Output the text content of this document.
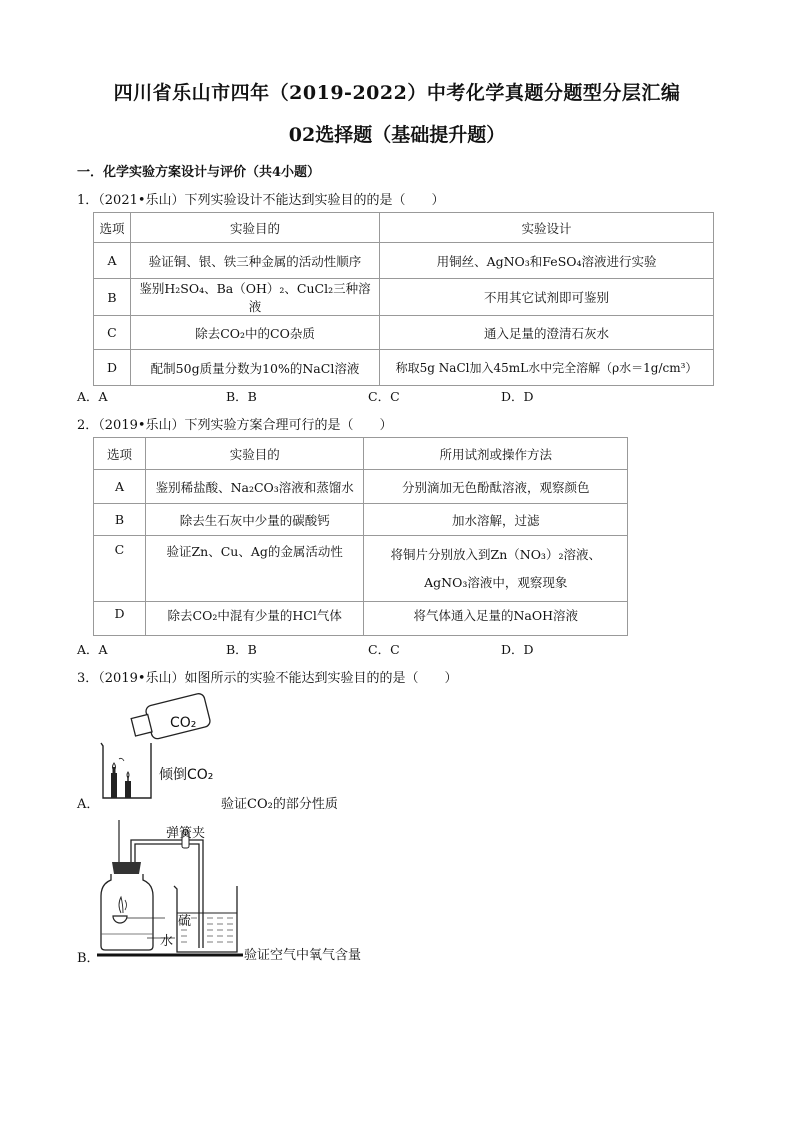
四川省乐山市四年（2019-2022）中考化学真题分题型分层汇编
02选择题（基础提升题）
一．化学实验方案设计与评价（共4小题）
1．（2021•乐山）下列实验设计不能达到实验目的的是（　　）
选项	实验目的	实验设计
A	验证铜、银、铁三种金属的活动性顺序	用铜丝、AgNO₃和FeSO₄溶液进行实验
B	鉴别H₂SO₄、Ba（OH）₂、CuCl₂三种溶液	不用其它试剂即可鉴别
C	除去CO₂中的CO杂质	通入足量的澄清石灰水
D	配制50g质量分数为10%的NaCl溶液	称取5g NaCl加入45mL水中完全溶解（ρ水＝1g/cm³）
A．A	B．B	C．C	D．D
2．（2019•乐山）下列实验方案合理可行的是（　　）
选项	实验目的	所用试剂或操作方法
A	鉴别稀盐酸、Na₂CO₃溶液和蒸馏水	分别滴加无色酚酞溶液，观察颜色
B	除去生石灰中少量的碳酸钙	加水溶解，过滤
C	验证Zn、Cu、Ag的金属活动性	将铜片分别放入到Zn（NO₃）₂溶液、
AgNO₃溶液中，观察现象

D	除去CO₂中混有少量的HCl气体	将气体通入足量的NaOH溶液
A．A	B．B	C．C	D．D
3．（2019•乐山）如图所示的实验不能达到实验目的的是（　　）
A．
CO₂
倾倒CO₂
验证CO₂的部分性质
B．
弹簧夹
硫
水
验证空气中氧气含量
